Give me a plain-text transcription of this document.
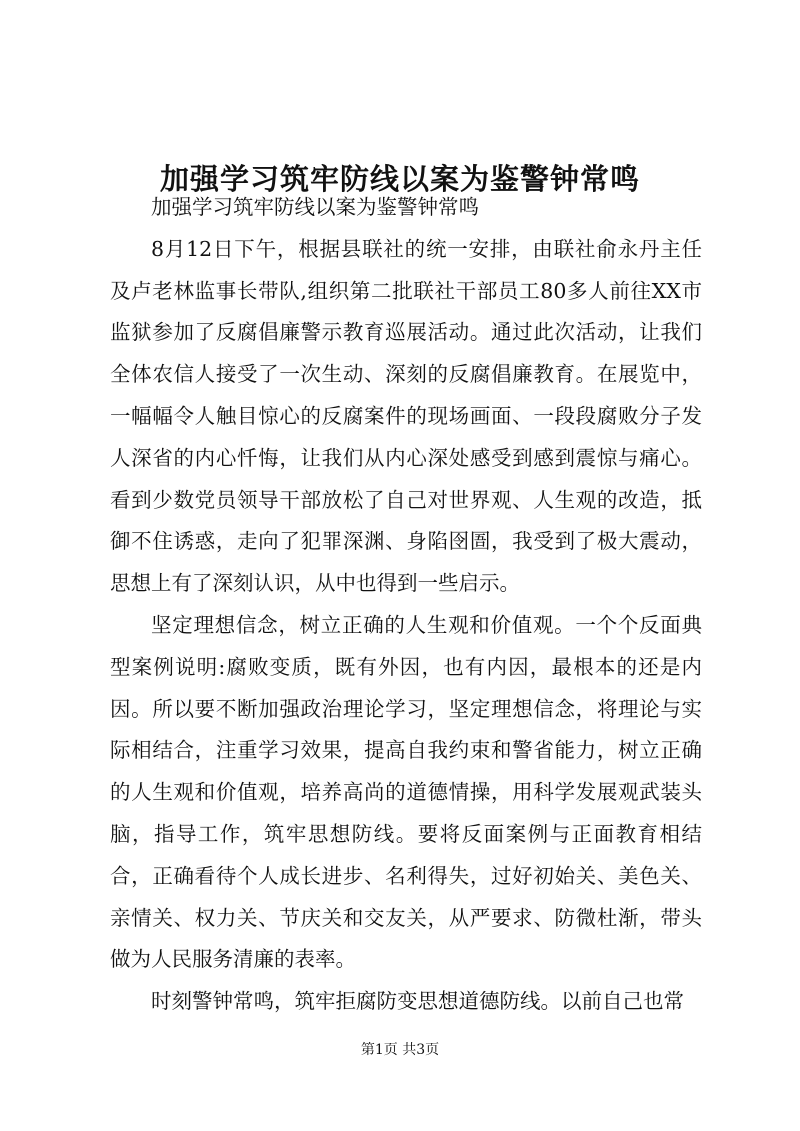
加强学习筑牢防线以案为鉴警钟常鸣

加强学习筑牢防线以案为鉴警钟常鸣

8月12日下午，根据县联社的统一安排，由联社俞永丹主任及卢老林监事长带队,组织第二批联社干部员工80多人前往XX市监狱参加了反腐倡廉警示教育巡展活动。通过此次活动，让我们全体农信人接受了一次生动、深刻的反腐倡廉教育。在展览中，一幅幅令人触目惊心的反腐案件的现场画面、一段段腐败分子发人深省的内心忏悔，让我们从内心深处感受到感到震惊与痛心。看到少数党员领导干部放松了自己对世界观、人生观的改造，抵御不住诱惑，走向了犯罪深渊、身陷囹圄，我受到了极大震动，思想上有了深刻认识，从中也得到一些启示。

坚定理想信念，树立正确的人生观和价值观。一个个反面典型案例说明:腐败变质，既有外因，也有内因，最根本的还是内因。所以要不断加强政治理论学习，坚定理想信念，将理论与实际相结合，注重学习效果，提高自我约束和警省能力，树立正确的人生观和价值观，培养高尚的道德情操，用科学发展观武装头脑，指导工作，筑牢思想防线。要将反面案例与正面教育相结合，正确看待个人成长进步、名利得失，过好初始关、美色关、亲情关、权力关、节庆关和交友关，从严要求、防微杜渐，带头做为人民服务清廉的表率。

时刻警钟常鸣，筑牢拒腐防变思想道德防线。以前自己也常

第1页 共3页
